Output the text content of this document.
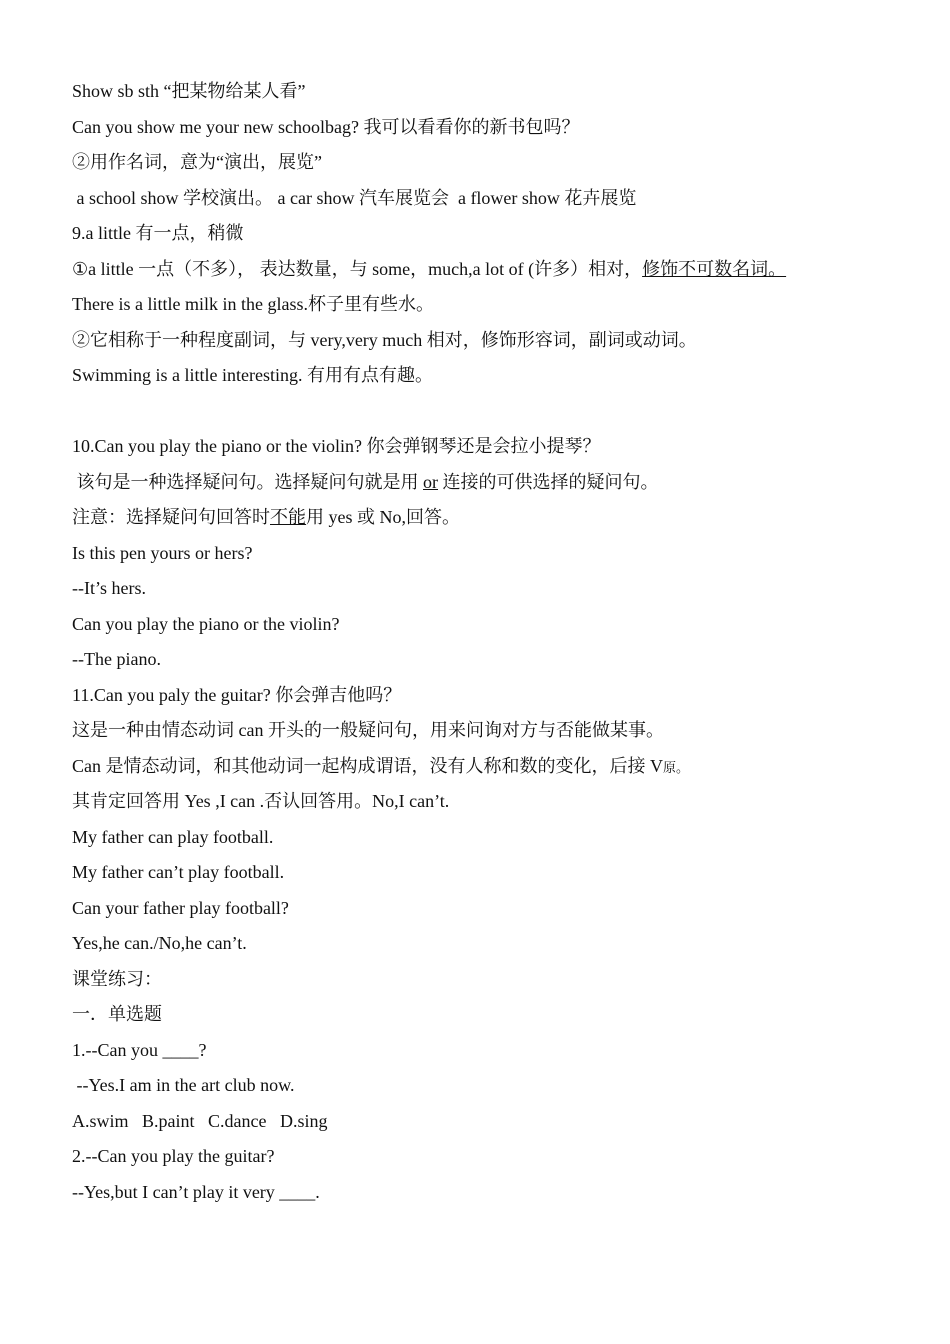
Show sb sth “把某物给某人看”
Can you show me your new schoolbag? 我可以看看你的新书包吗？
②用作名词，意为“演出，展览”
a school show 学校演出。 a car show 汽车展览会  a flower show 花卉展览
9.a little 有一点，稍微
①a little 一点（不多）， 表达数量，与 some，much,a lot of (许多）相对，修饰不可数名词。
There is a little milk in the glass.杯子里有些水。
②它相称于一种程度副词，与 very,very much 相对，修饰形容词，副词或动词。
Swimming is a little interesting. 有用有点有趣。
10.Can you play the piano or the violin? 你会弹钢琴还是会拉小提琴？
该句是一种选择疑问句。选择疑问句就是用 or 连接的可供选择的疑问句。
注意：选择疑问句回答时不能用 yes 或 No,回答。
Is this pen yours or hers?
--It’s hers.
Can you play the piano or the violin?
--The piano.
11.Can you paly the guitar? 你会弹吉他吗？
这是一种由情态动词 can 开头的一般疑问句，用来问询对方与否能做某事。
Can 是情态动词，和其他动词一起构成谓语，没有人称和数的变化，后接 V原。
其肯定回答用 Yes ,I can .否认回答用。No,I can’t.
My father can play football.
My father can’t play football.
Can your father play football?
Yes,he can./No,he can’t.
课堂练习：
一．单选题
1.--Can you ____?
--Yes.I am in the art club now.
A.swim   B.paint   C.dance   D.sing
2.--Can you play the guitar?
--Yes,but I can’t play it very ____.
